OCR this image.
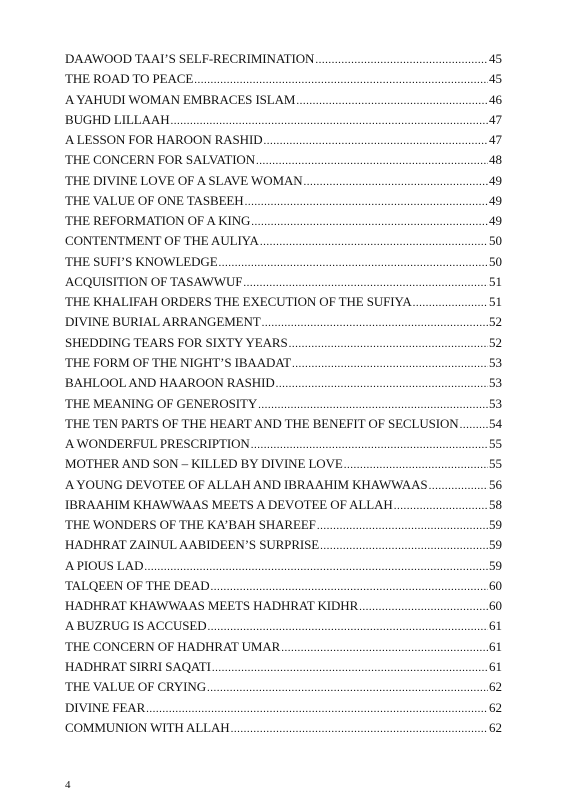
DAAWOOD TAAI’S SELF-RECRIMINATION .....	45
THE ROAD TO PEACE .....	45
A YAHUDI WOMAN EMBRACES ISLAM .....	46
BUGHD LILLAAH .....	47
A LESSON FOR HAROON RASHID .....	47
THE CONCERN FOR SALVATION .....	48
THE DIVINE LOVE OF A SLAVE WOMAN .....	49
THE VALUE OF ONE TASBEEH .....	49
THE REFORMATION OF A KING .....	49
CONTENTMENT OF THE AULIYA .....	50
THE SUFI’S KNOWLEDGE .....	50
ACQUISITION OF TASAWWUF .....	51
THE KHALIFAH ORDERS THE EXECUTION OF THE SUFIYA .....	51
DIVINE BURIAL ARRANGEMENT .....	52
SHEDDING TEARS FOR SIXTY YEARS .....	52
THE FORM OF THE NIGHT’S IBAADAT .....	53
BAHLOOL AND HAAROON RASHID .....	53
THE MEANING OF GENEROSITY .....	53
THE TEN PARTS OF THE HEART AND THE BENEFIT OF SECLUSION ..... 54
A WONDERFUL PRESCRIPTION .....	55
MOTHER AND SON – KILLED BY DIVINE LOVE .....	55
A YOUNG DEVOTEE OF ALLAH AND IBRAAHIM KHAWWAAS .....	56
IBRAAHIM KHAWWAAS MEETS A DEVOTEE OF ALLAH .....	58
THE WONDERS OF THE KA’BAH SHAREEF .....	59
HADHRAT ZAINUL AABIDEEN’S SURPRISE .....	59
A PIOUS LAD .....	59
TALQEEN OF THE DEAD .....	60
HADHRAT KHAWWAAS MEETS HADHRAT KIDHR .....	60
A BUZRUG IS ACCUSED .....	61
THE CONCERN OF HADHRAT UMAR .....	61
HADHRAT SIRRI SAQATI .....	61
THE VALUE OF CRYING .....	62
DIVINE FEAR .....	62
COMMUNION WITH ALLAH .....	62
4
